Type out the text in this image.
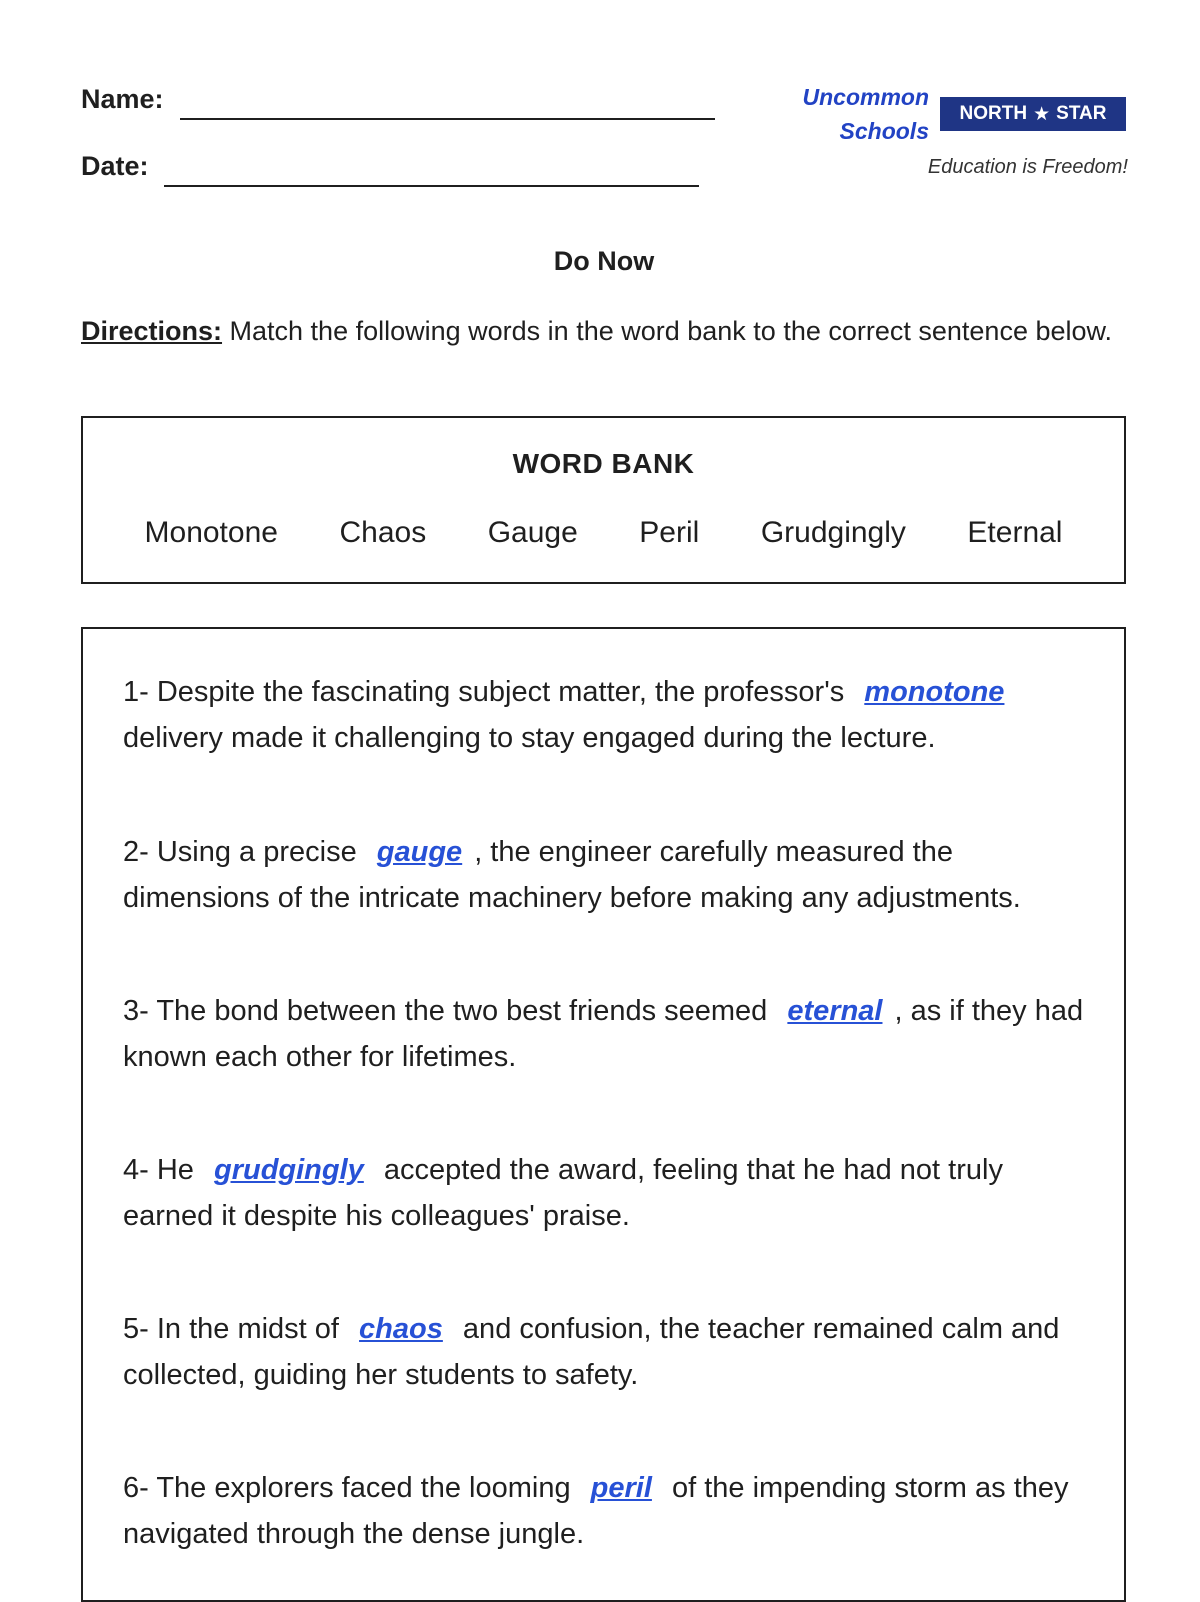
Name:
Date:
Uncommon
Schools
NORTH ★ STAR
Education is Freedom!
Do Now
Directions: Match the following words in the word bank to the correct sentence below.
WORD BANK
Monotone Chaos Gauge Peril Grudgingly Eternal
1- Despite the fascinating subject matter, the professor's monotone delivery made it challenging to stay engaged during the lecture.
2- Using a precise gauge , the engineer carefully measured the dimensions of the intricate machinery before making any adjustments.
3- The bond between the two best friends seemed eternal , as if they had known each other for lifetimes.
4- He grudgingly accepted the award, feeling that he had not truly earned it despite his colleagues' praise.
5- In the midst of chaos and confusion, the teacher remained calm and collected, guiding her students to safety.
6- The explorers faced the looming peril of the impending storm as they navigated through the dense jungle.
